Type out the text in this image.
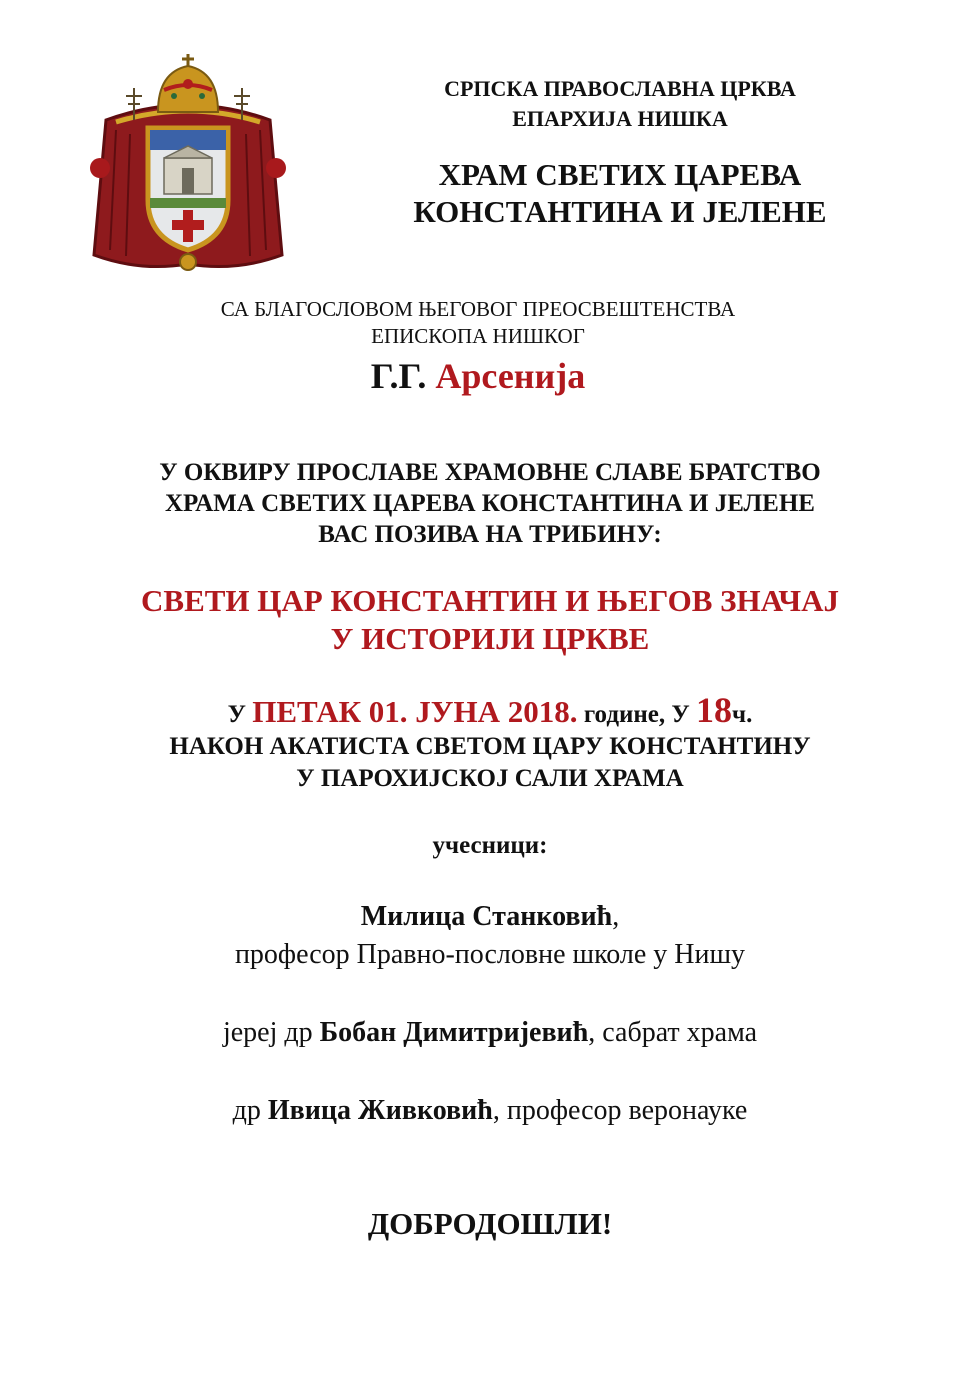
СРПСКА ПРАВОСЛАВНА ЦРКВА
ЕПАРХИЈА НИШКА
ХРАМ СВЕТИХ ЦАРЕВА
КОНСТАНТИНА И ЈЕЛЕНЕ
СА БЛАГОСЛОВОМ ЊЕГОВОГ ПРЕОСВЕШТЕНСТВА
ЕПИСКОПА НИШКОГ
Г.Г. Арсенија
У ОКВИРУ ПРОСЛАВЕ ХРАМОВНЕ СЛАВЕ БРАТСТВО
ХРАМА СВЕТИХ ЦАРЕВА КОНСТАНТИНА И ЈЕЛЕНЕ
ВАС ПОЗИВА НА ТРИБИНУ:
СВЕТИ ЦАР КОНСТАНТИН И ЊЕГОВ ЗНАЧАЈ
У ИСТОРИЈИ ЦРКВЕ
У ПЕТАК 01. ЈУНА 2018. године, У 18ч.
НАКОН АКАТИСТА СВЕТОМ ЦАРУ КОНСТАНТИНУ
У ПАРОХИЈСКОЈ САЛИ ХРАМА
учесници:
Милица Станковић,
професор Правно-пословне школе у Нишу
јереј др Бобан Димитријевић, сабрат храма
др Ивица Живковић, професор веронауке
ДОБРОДОШЛИ!
